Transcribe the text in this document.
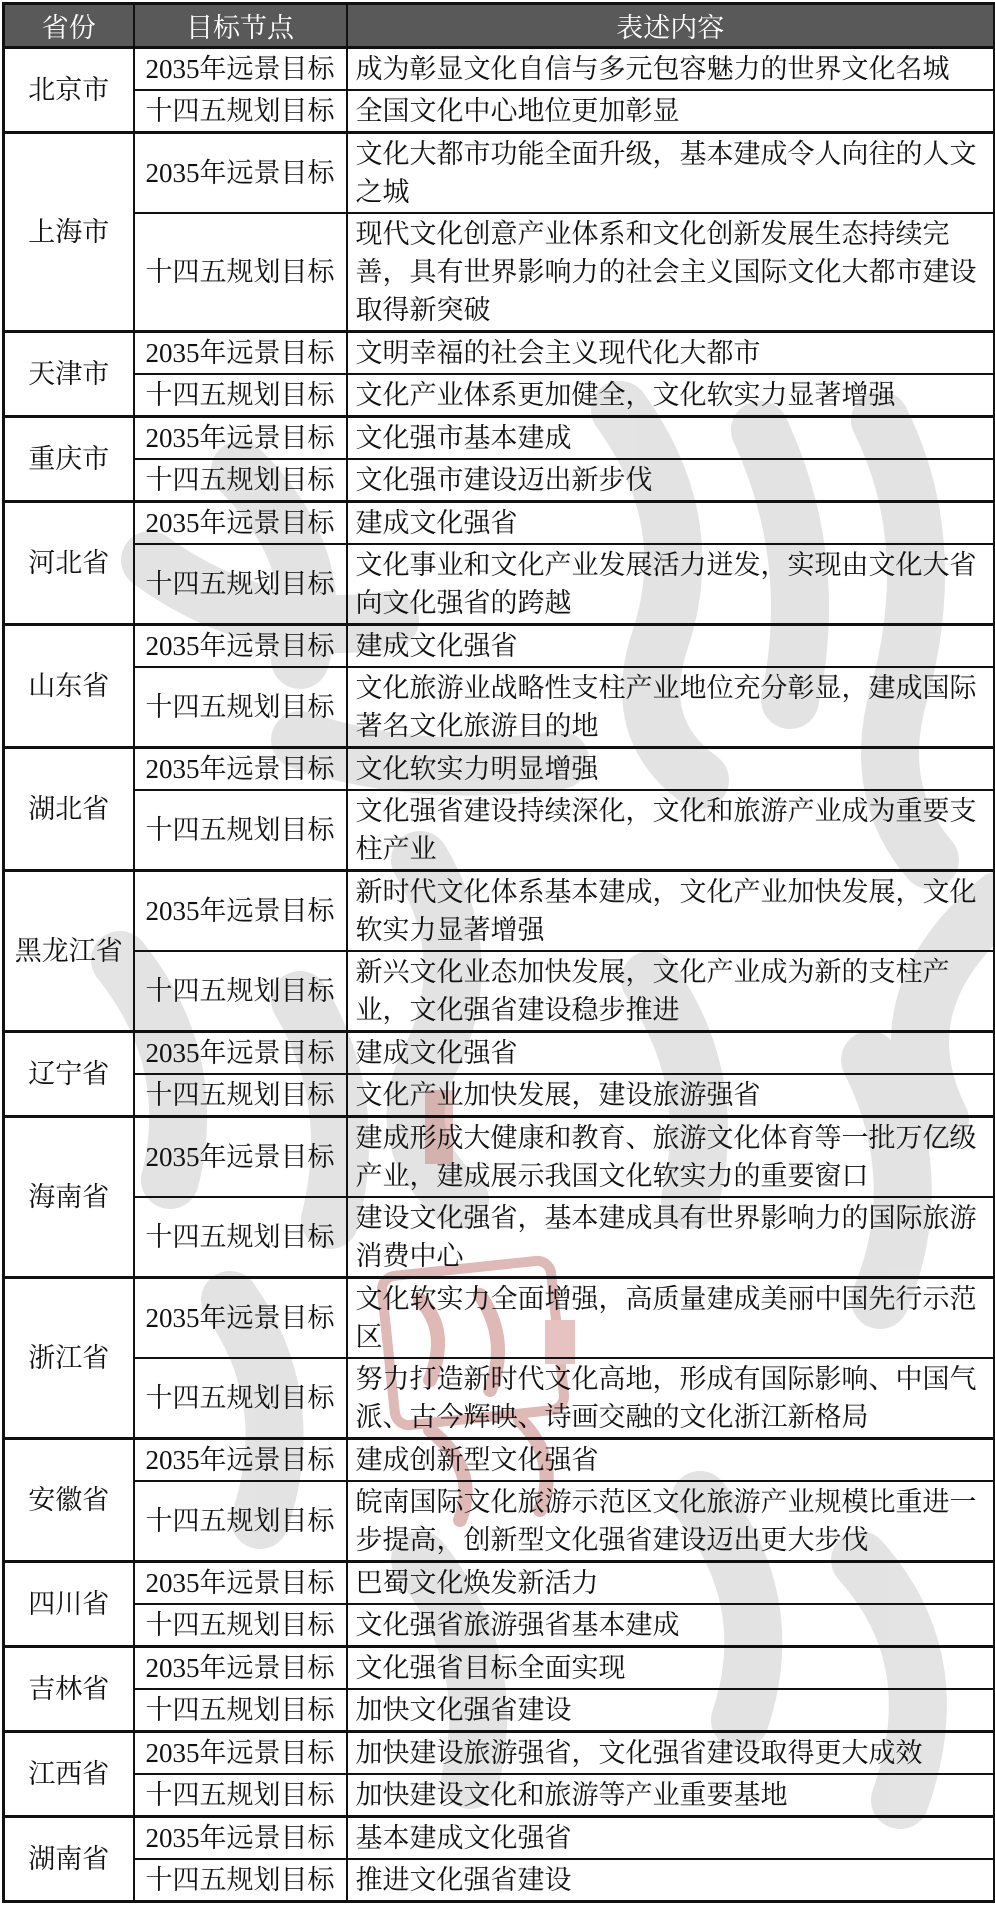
省份	目标节点	表述内容
北京市	2035年远景目标	成为彰显文化自信与多元包容魅力的世界文化名城
	十四五规划目标	全国文化中心地位更加彰显
上海市	2035年远景目标	文化大都市功能全面升级，基本建成令人向往的人文之城
	十四五规划目标	现代文化创意产业体系和文化创新发展生态持续完善，具有世界影响力的社会主义国际文化大都市建设取得新突破
天津市	2035年远景目标	文明幸福的社会主义现代化大都市
	十四五规划目标	文化产业体系更加健全，文化软实力显著增强
重庆市	2035年远景目标	文化强市基本建成
	十四五规划目标	文化强市建设迈出新步伐
河北省	2035年远景目标	建成文化强省
	十四五规划目标	文化事业和文化产业发展活力迸发，实现由文化大省向文化强省的跨越
山东省	2035年远景目标	建成文化强省
	十四五规划目标	文化旅游业战略性支柱产业地位充分彰显，建成国际著名文化旅游目的地
湖北省	2035年远景目标	文化软实力明显增强
	十四五规划目标	文化强省建设持续深化，文化和旅游产业成为重要支柱产业
黑龙江省	2035年远景目标	新时代文化体系基本建成，文化产业加快发展，文化软实力显著增强
	十四五规划目标	新兴文化业态加快发展，文化产业成为新的支柱产业，文化强省建设稳步推进
辽宁省	2035年远景目标	建成文化强省
	十四五规划目标	文化产业加快发展，建设旅游强省
海南省	2035年远景目标	建成形成大健康和教育、旅游文化体育等一批万亿级产业，建成展示我国文化软实力的重要窗口
	十四五规划目标	建设文化强省，基本建成具有世界影响力的国际旅游消费中心
浙江省	2035年远景目标	文化软实力全面增强，高质量建成美丽中国先行示范区
	十四五规划目标	努力打造新时代文化高地，形成有国际影响、中国气派、古今辉映、诗画交融的文化浙江新格局
安徽省	2035年远景目标	建成创新型文化强省
	十四五规划目标	皖南国际文化旅游示范区文化旅游产业规模比重进一步提高，创新型文化强省建设迈出更大步伐
四川省	2035年远景目标	巴蜀文化焕发新活力
	十四五规划目标	文化强省旅游强省基本建成
吉林省	2035年远景目标	文化强省目标全面实现
	十四五规划目标	加快文化强省建设
江西省	2035年远景目标	加快建设旅游强省，文化强省建设取得更大成效
	十四五规划目标	加快建设文化和旅游等产业重要基地
湖南省	2035年远景目标	基本建成文化强省
	十四五规划目标	推进文化强省建设
